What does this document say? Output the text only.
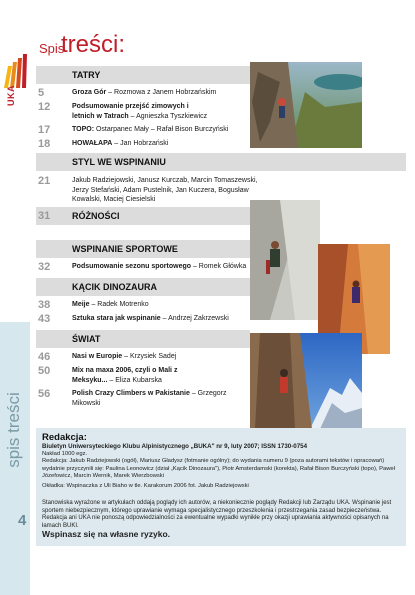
UKA
spis treści
4
Spis
treści:
TATRY
5	Groza Gór – Rozmowa z Janem Hobrzańskim
12	Podsumowanie przejść zimowych i letnich w Tatrach – Agnieszka Tyszkiewicz
17	TOPO: Ostarpanec Mały – Rafał Bison Burczyński
18	HOWAŁAPA – Jan Hobrzański
STYL WE WSPINANIU
21	Jakub Radziejowski, Janusz Kurczab, Marcin Tomaszewski, Jerzy Stefański, Adam Pustelnik, Jan Kuczera, Bogusław Kowalski, Maciej Ciesielski
31	RÓŻNOŚCI
WSPINANIE SPORTOWE
32	Podsumowanie sezonu sportowego – Romek Główka
KĄCIK DINOZAURA
38	Meije – Radek Motrenko
43	Sztuka stara jak wspinanie – Andrzej Zakrzewski
ŚWIAT
46	Nasi w Europie – Krzysiek Sadej
50	Mix na maxa 2006, czyli o Mali z Meksyku... – Eliza Kubarska
56	Polish Crazy Climbers w Pakistanie – Grzegorz Mikowski
Redakcja:

Biuletyn Uniwersyteckiego Klubu Alpinistycznego „BUKA" nr 9, luty 2007; ISSN 1730-0754

Nakład 1000 egz.

Redakcja: Jakub Radziejowski (ogół), Mariusz Gładysz (fotmanie ogólny); do wydania numeru 9 (poza autorami tekstów i opracowań) wydatnie przyczynili się: Paulina Leonowicz (dział „Kącik Dinozaura"), Piotr Amsterdamski (korekta), Rafał Bison Burczyński (topo), Paweł Józefowicz, Marcin Wernik, Marek Wierzbowski

Okładka: Wspinaczka z Uli Biaho w tle. Karakorum 2006 fot. Jakub Radziejowski

Stanowiska wyrażone w artykułach oddają poglądy ich autorów, a niekoniecznie poglądy Redakcji lub Zarządu UKA. Wspinanie jest sportem niebezpiecznym, którego uprawianie wymaga specjalistycznego przeszkolenia i przestrzegania zasad bezpieczeństwa.

Redakcja ani UKA nie ponoszą odpowiedzialności za ewentualne wypadki wynikłe przy okazji uprawiania aktywności opisanych na łamach BUKI.

Wspinasz się na własne ryzyko.
